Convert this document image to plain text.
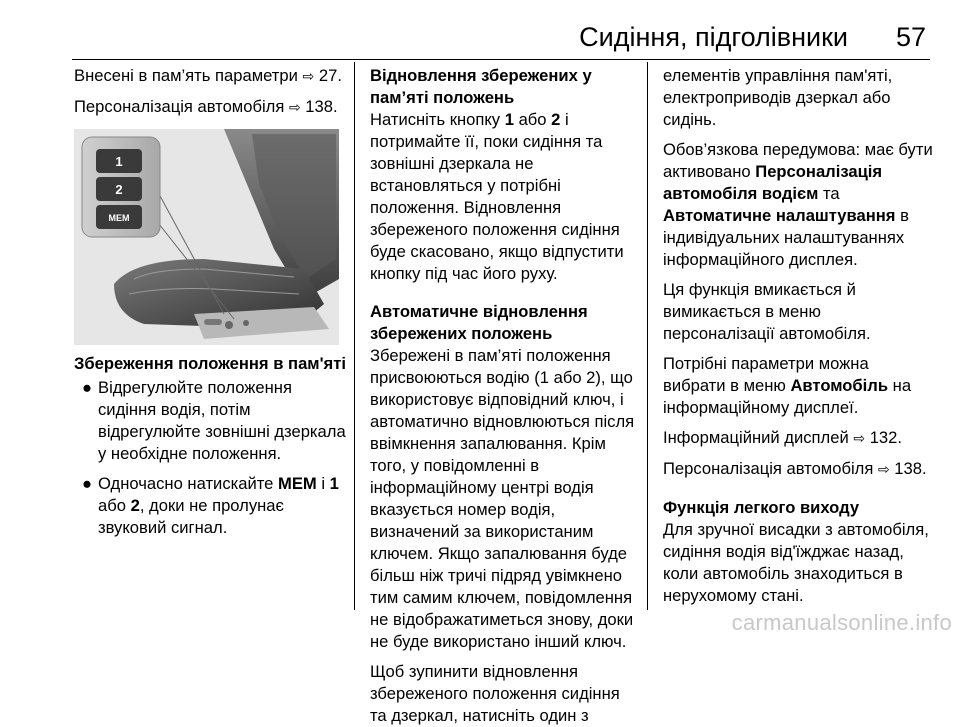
Сидіння, підголівники 57

Внесені в пам’ять параметри ⇨ 27.

Персоналізація автомобіля ⇨ 138.

1
2
MEM

Збереження положення в пам'яті

● Відрегулюйте положення сидіння водія, потім відрегулюйте зовнішні дзеркала у необхідне положення.
● Одночасно натискайте MEM і 1 або 2, доки не пролунає звуковий сигнал.

Відновлення збережених у пам’яті положень

Натисніть кнопку 1 або 2 і потримайте її, поки сидіння та зовнішні дзеркала не встановляться у потрібні положення. Відновлення збереженого положення сидіння буде скасовано, якщо відпустити кнопку під час його руху.

Автоматичне відновлення збережених положень

Збережені в пам’яті положення присвоюються водію (1 або 2), що використовує відповідний ключ, і автоматично відновлюються після ввімкнення запалювання. Крім того, у повідомленні в інформаційному центрі водія вказується номер водія, визначений за використаним ключем. Якщо запалювання буде більш ніж тричі підряд увімкнено тим самим ключем, повідомлення не відображатиметься знову, доки не буде використано інший ключ.

Щоб зупинити відновлення збереженого положення сидіння та дзеркал, натисніть один з

елементів управління пам'яті, електроприводів дзеркал або сидінь.

Обов’язкова передумова: має бути активовано Персоналізація автомобіля водієм та Автоматичне налаштування в індивідуальних налаштуваннях інформаційного дисплея.

Ця функція вмикається й вимикається в меню персоналізації автомобіля.

Потрібні параметри можна вибрати в меню Автомобіль на інформаційному дисплеї.

Інформаційний дисплей ⇨ 132.

Персоналізація автомобіля ⇨ 138.

Функція легкого виходу

Для зручної висадки з автомобіля, сидіння водія від'їжджає назад, коли автомобіль знаходиться в нерухомому стані.

carmanualsonline.info
